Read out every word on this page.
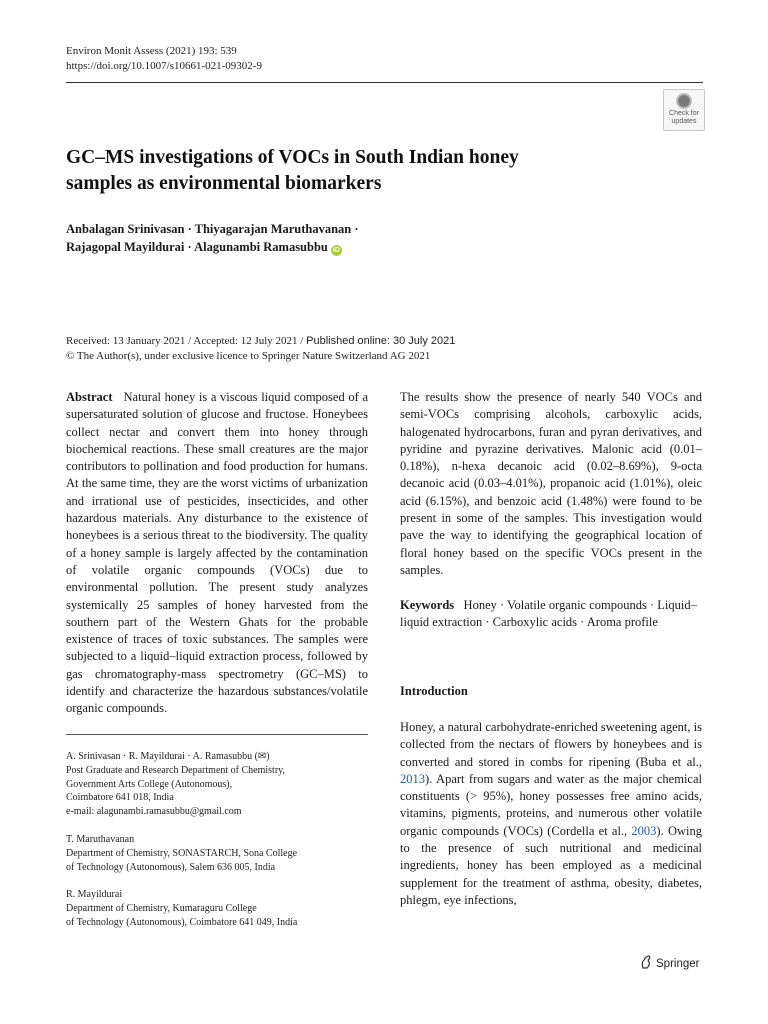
Environ Monit Assess (2021) 193: 539
https://doi.org/10.1007/s10661-021-09302-9
Check for
updates
GC–MS investigations of VOCs in South Indian honey
samples as environmental biomarkers
Anbalagan Srinivasan · Thiyagarajan Maruthavanan ·
Rajagopal Mayildurai · Alagunambi Ramasubbu iD
Received: 13 January 2021 / Accepted: 12 July 2021 / Published online: 30 July 2021
© The Author(s), under exclusive licence to Springer Nature Switzerland AG 2021
Abstract Natural honey is a viscous liquid composed of a supersaturated solution of glucose and fructose. Honeybees collect nectar and convert them into honey through biochemical reactions. These small creatures are the major contributors to pollination and food production for humans. At the same time, they are the worst victims of urbanization and irrational use of pesticides, insecticides, and other hazardous materials. Any disturbance to the existence of honeybees is a serious threat to the biodiversity. The quality of a honey sample is largely affected by the contamination of volatile organic compounds (VOCs) due to environmental pollution. The present study analyzes systemically 25 samples of honey harvested from the southern part of the Western Ghats for the probable existence of traces of toxic substances. The samples were subjected to a liquid–liquid extraction process, followed by gas chromatography-mass spectrometry (GC–MS) to identify and characterize the hazardous substances/volatile organic compounds.
The results show the presence of nearly 540 VOCs and semi-VOCs comprising alcohols, carboxylic acids, halogenated hydrocarbons, furan and pyran derivatives, and pyridine and pyrazine derivatives. Malonic acid (0.01–0.18%), n-hexa decanoic acid (0.02–8.69%), 9-octa decanoic acid (0.03–4.01%), propanoic acid (1.01%), oleic acid (6.15%), and benzoic acid (1.48%) were found to be present in some of the samples. This investigation would pave the way to identifying the geographical location of floral honey based on the specific VOCs present in the samples.
Keywords Honey · Volatile organic compounds · Liquid–liquid extraction · Carboxylic acids · Aroma profile
A. Srinivasan · R. Mayildurai · A. Ramasubbu (✉)
Post Graduate and Research Department of Chemistry,
Government Arts College (Autonomous),
Coimbatore 641 018, India
e-mail: alagunambi.ramasubbu@gmail.com
T. Maruthavanan
Department of Chemistry, SONASTARCH, Sona College
of Technology (Autonomous), Salem 636 005, India
R. Mayildurai
Department of Chemistry, Kumaraguru College
of Technology (Autonomous), Coimbatore 641 049, India
Introduction
Honey, a natural carbohydrate-enriched sweetening agent, is collected from the nectars of flowers by honeybees and is converted and stored in combs for ripening (Buba et al., 2013). Apart from sugars and water as the major chemical constituents (> 95%), honey possesses free amino acids, vitamins, pigments, proteins, and numerous other volatile organic compounds (VOCs) (Cordella et al., 2003). Owing to the presence of such nutritional and medicinal ingredients, honey has been employed as a medicinal supplement for the treatment of asthma, obesity, diabetes, phlegm, eye infections,
Springer
